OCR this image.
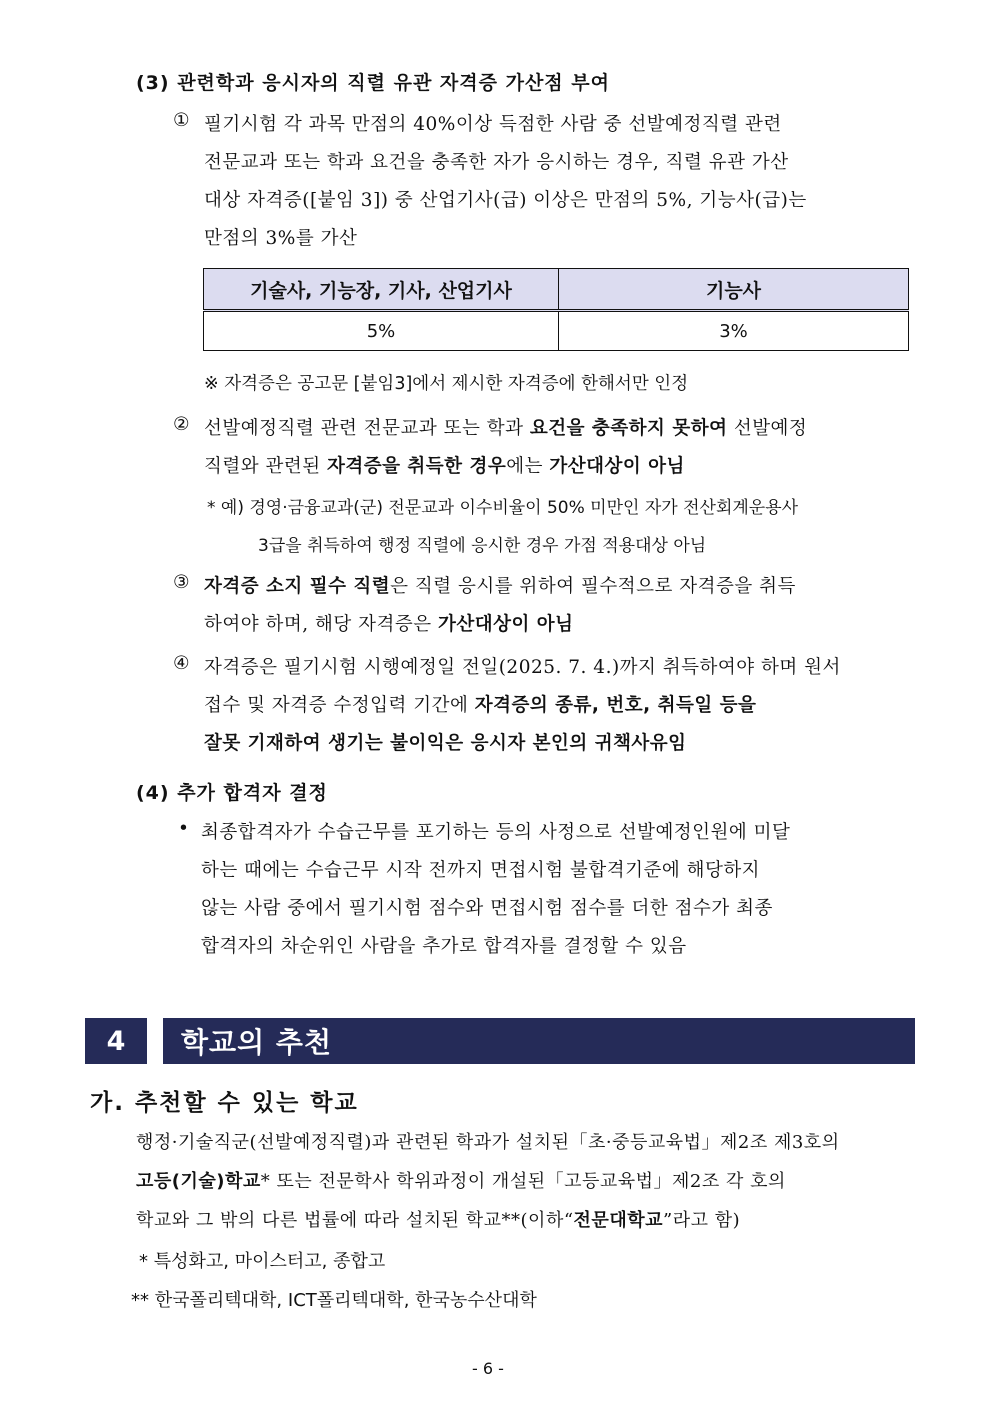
(3) 관련학과 응시자의 직렬 유관 자격증 가산점 부여
① 필기시험 각 과목 만점의 40%이상 득점한 사람 중 선발예정직렬 관련
전문교과 또는 학과 요건을 충족한 자가 응시하는 경우, 직렬 유관 가산
대상 자격증([붙임 3]) 중 산업기사(급) 이상은 만점의 5%, 기능사(급)는
만점의 3%를 가산
기술사, 기능장, 기사, 산업기사	기능사
5%	3%
※ 자격증은 공고문 [붙임3]에서 제시한 자격증에 한해서만 인정
② 선발예정직렬 관련 전문교과 또는 학과 요건을 충족하지 못하여 선발예정
직렬와 관련된 자격증을 취득한 경우에는 가산대상이 아님
* 예) 경영·금융교과(군) 전문교과 이수비율이 50% 미만인 자가 전산회계운용사
3급을 취득하여 행정 직렬에 응시한 경우 가점 적용대상 아님
③ 자격증 소지 필수 직렬은 직렬 응시를 위하여 필수적으로 자격증을 취득
하여야 하며, 해당 자격증은 가산대상이 아님
④ 자격증은 필기시험 시행예정일 전일(2025. 7. 4.)까지 취득하여야 하며 원서
접수 및 자격증 수정입력 기간에 자격증의 종류, 번호, 취득일 등을
잘못 기재하여 생기는 불이익은 응시자 본인의 귀책사유임
(4) 추가 합격자 결정
• 최종합격자가 수습근무를 포기하는 등의 사정으로 선발예정인원에 미달
하는 때에는 수습근무 시작 전까지 면접시험 불합격기준에 해당하지
않는 사람 중에서 필기시험 점수와 면접시험 점수를 더한 점수가 최종
합격자의 차순위인 사람을 추가로 합격자를 결정할 수 있음
4	학교의 추천
가. 추천할 수 있는 학교
행정·기술직군(선발예정직렬)과 관련된 학과가 설치된「초·중등교육법」제2조 제3호의
고등(기술)학교* 또는 전문학사 학위과정이 개설된「고등교육법」제2조 각 호의
학교와 그 밖의 다른 법률에 따라 설치된 학교**(이하“전문대학교”라고 함)
* 특성화고, 마이스터고, 종합고
** 한국폴리텍대학, ICT폴리텍대학, 한국농수산대학
- 6 -
